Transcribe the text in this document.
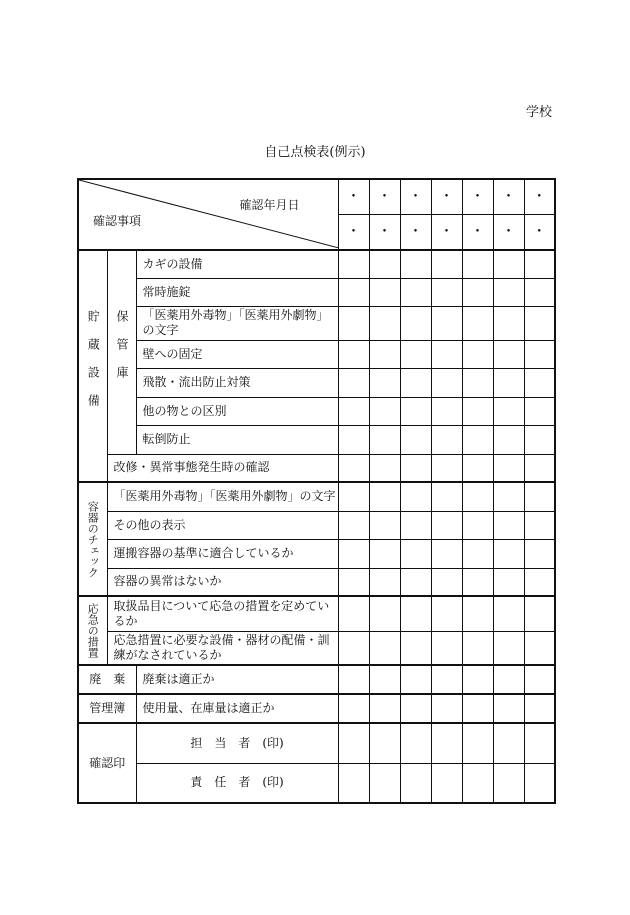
学校
自己点検表(例示)
確認年月日
確認事項			・	・	・	・	・	・	・

・	・	・	・	・	・	・

貯蔵設備	保管庫	カギの設備							
		常時施錠							
		「医薬用外毒物」「医薬用外劇物」の文字							
		壁への固定							
		飛散・流出防止対策							
		他の物との区別							
		転倒防止							
	改修・異常事態発生時の確認								

容器のチェック	「医薬用外毒物」「医薬用外劇物」の文字								
	その他の表示								
	運搬容器の基準に適合しているか								
	容器の異常はないか								

応急の措置	取扱品目について応急の措置を定めているか								
	応急措置に必要な設備・器材の配備・訓練がなされているか								
廃　棄		廃棄は適正か							
管理簿		使用量、在庫量は適正か							
確認印		担　当　者　(印)							
		責　任　者　(印)							
